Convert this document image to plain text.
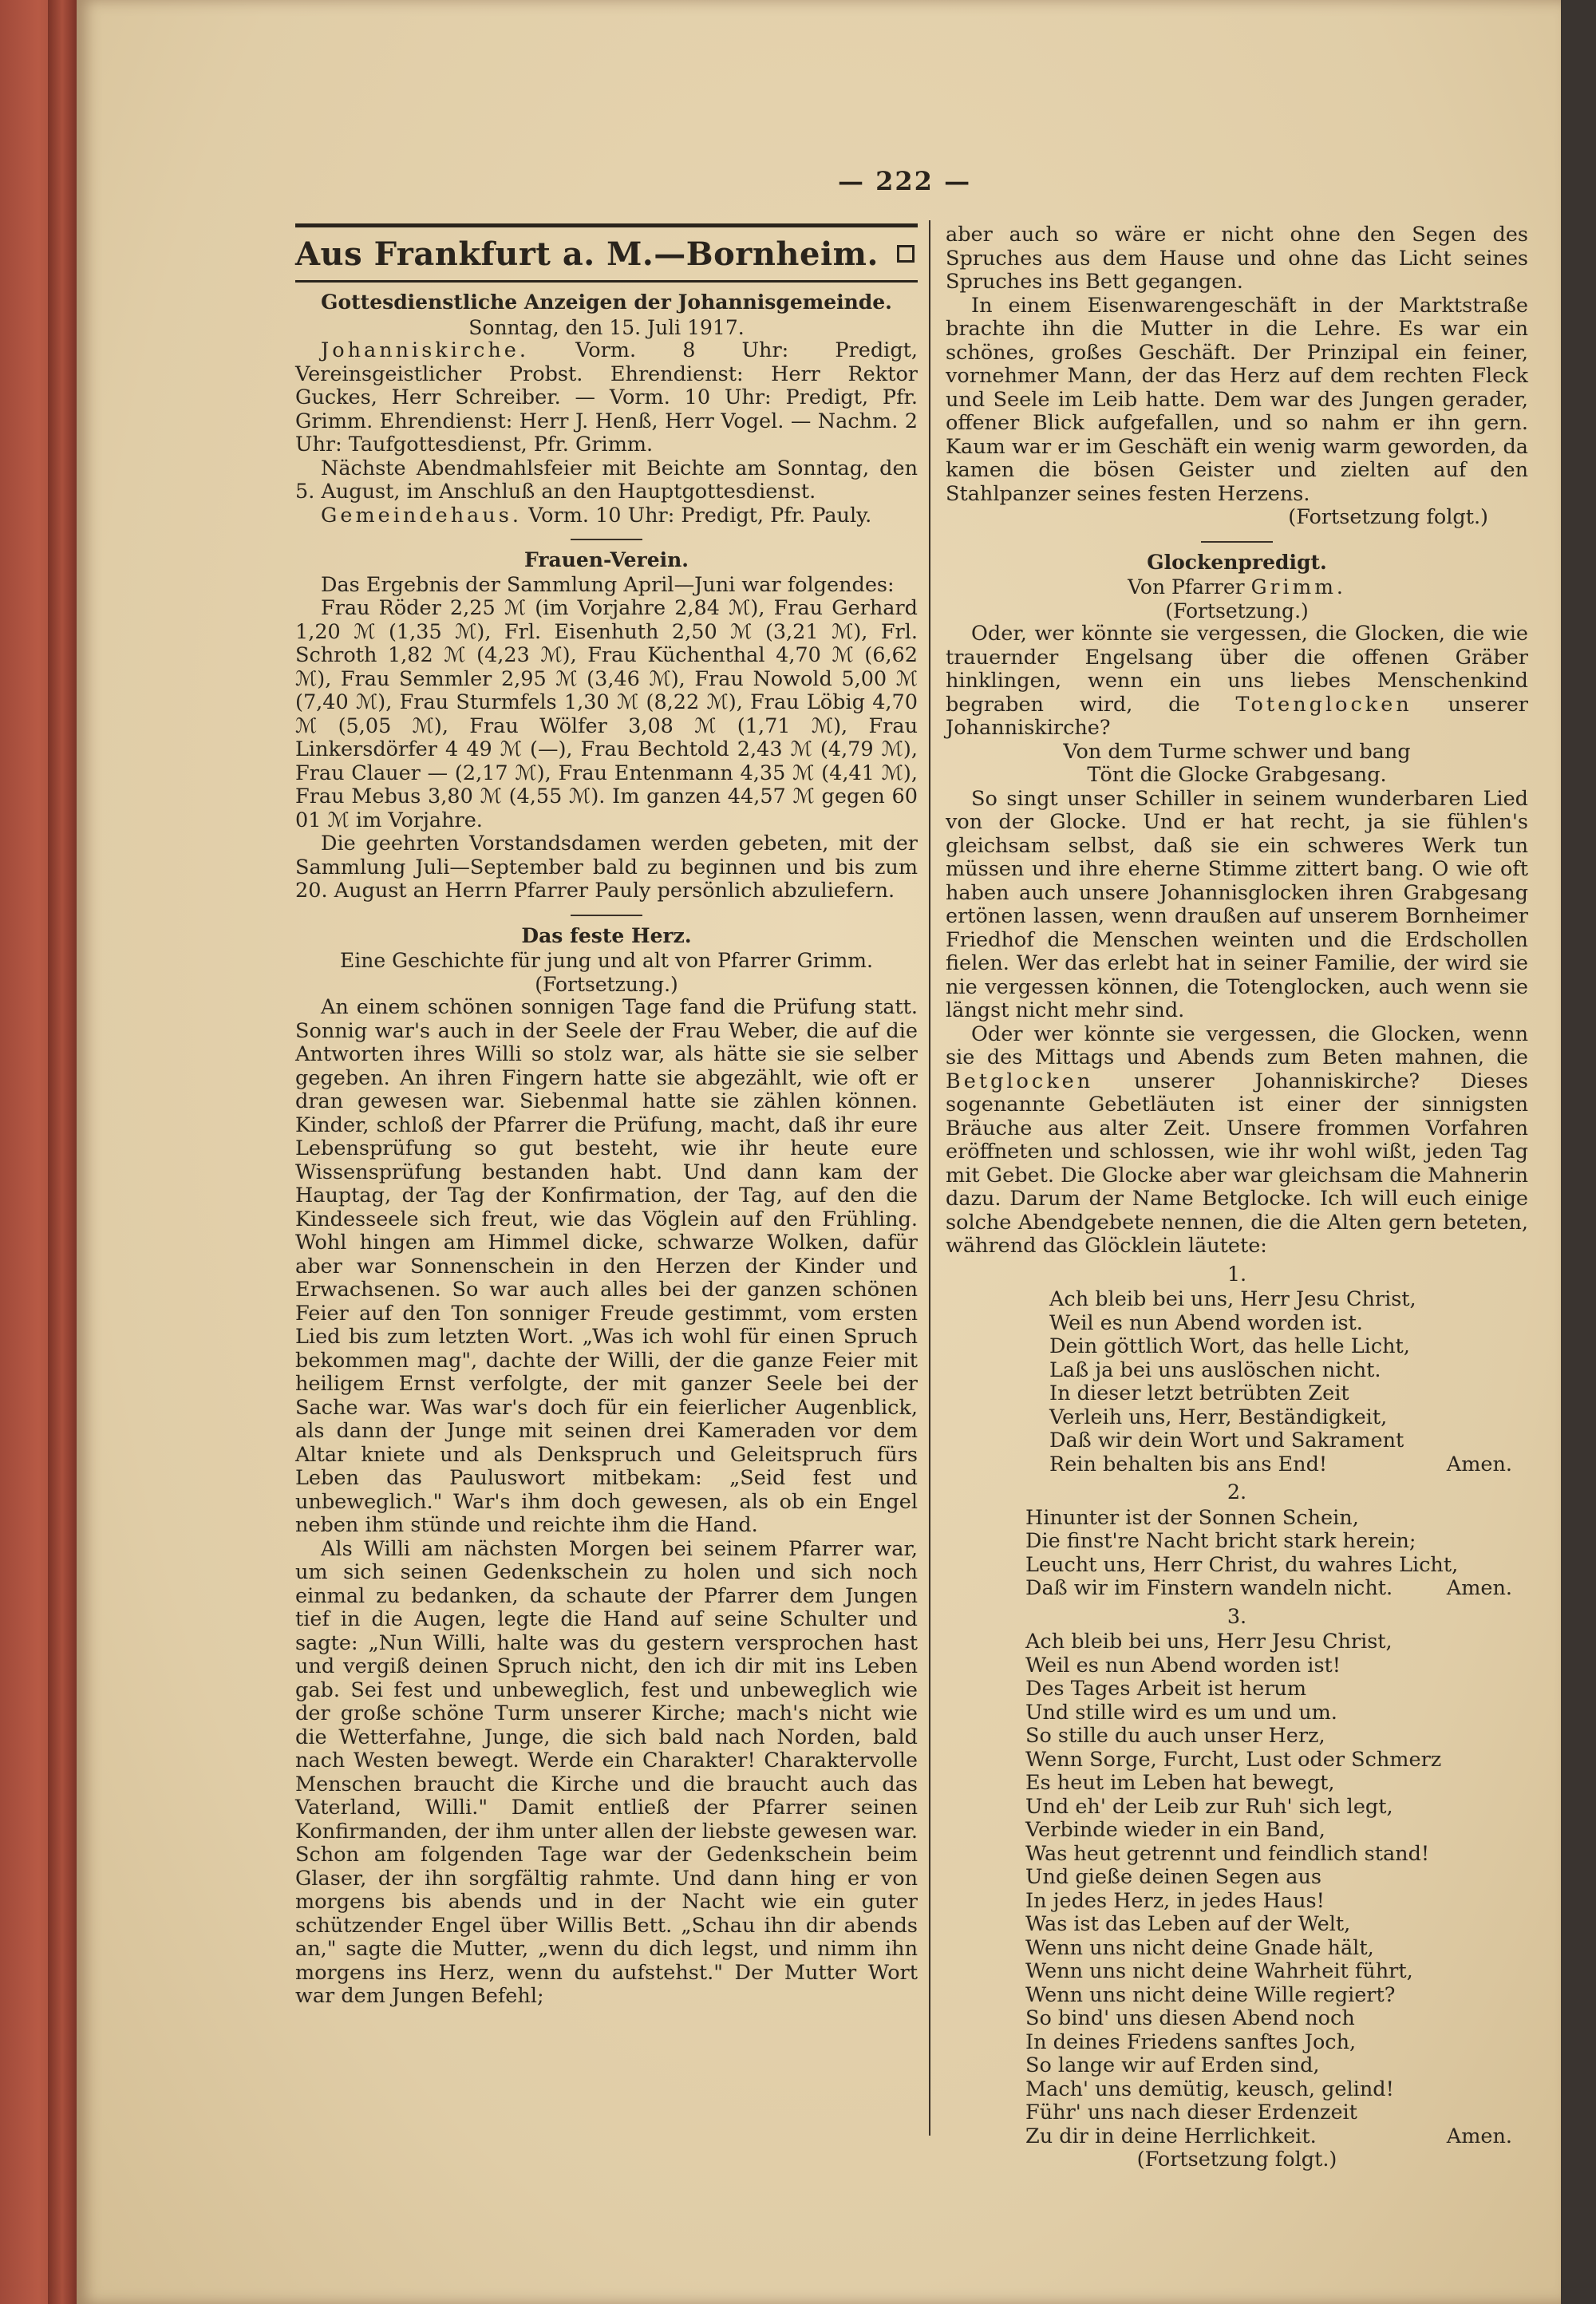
— 222 —
Aus Frankfurt a. M.—Bornheim.
Gottesdienstliche Anzeigen der Johannisgemeinde.
Sonntag, den 15. Juli 1917.

Johanniskirche. Vorm. 8 Uhr: Predigt, Vereinsgeistlicher Probst. Ehrendienst: Herr Rektor Guckes, Herr Schreiber. — Vorm. 10 Uhr: Predigt, Pfr. Grimm. Ehrendienst: Herr J. Henß, Herr Vogel. — Nachm. 2 Uhr: Taufgottesdienst, Pfr. Grimm.

Nächste Abendmahlsfeier mit Beichte am Sonntag, den 5. August, im Anschluß an den Hauptgottesdienst.

Gemeindehaus. Vorm. 10 Uhr: Predigt, Pfr. Pauly.

Frauen-Verein.

Das Ergebnis der Sammlung April—Juni war folgendes:

Frau Röder 2,25 ℳ (im Vorjahre 2,84 ℳ), Frau Gerhard 1,20 ℳ (1,35 ℳ), Frl. Eisenhuth 2,50 ℳ (3,21 ℳ), Frl. Schroth 1,82 ℳ (4,23 ℳ), Frau Küchenthal 4,70 ℳ (6,62 ℳ), Frau Semmler 2,95 ℳ (3,46 ℳ), Frau Nowold 5,00 ℳ (7,40 ℳ), Frau Sturmfels 1,30 ℳ (8,22 ℳ), Frau Löbig 4,70 ℳ (5,05 ℳ), Frau Wölfer 3,08 ℳ (1,71 ℳ), Frau Linkersdörfer 4 49 ℳ (—), Frau Bechtold 2,43 ℳ (4,79 ℳ), Frau Clauer — (2,17 ℳ), Frau Entenmann 4,35 ℳ (4,41 ℳ), Frau Mebus 3,80 ℳ (4,55 ℳ). Im ganzen 44,57 ℳ gegen 60 01 ℳ im Vorjahre.

Die geehrten Vorstandsdamen werden gebeten, mit der Sammlung Juli—September bald zu beginnen und bis zum 20. August an Herrn Pfarrer Pauly persönlich abzuliefern.

Das feste Herz.
Eine Geschichte für jung und alt von Pfarrer Grimm.
(Fortsetzung.)

An einem schönen sonnigen Tage fand die Prüfung statt. Sonnig war's auch in der Seele der Frau Weber, die auf die Antworten ihres Willi so stolz war, als hätte sie sie selber gegeben. An ihren Fingern hatte sie abgezählt, wie oft er dran gewesen war. Siebenmal hatte sie zählen können. Kinder, schloß der Pfarrer die Prüfung, macht, daß ihr eure Lebensprüfung so gut besteht, wie ihr heute eure Wissensprüfung bestanden habt. Und dann kam der Hauptag, der Tag der Konfirmation, der Tag, auf den die Kindesseele sich freut, wie das Vöglein auf den Frühling. Wohl hingen am Himmel dicke, schwarze Wolken, dafür aber war Sonnenschein in den Herzen der Kinder und Erwachsenen. So war auch alles bei der ganzen schönen Feier auf den Ton sonniger Freude gestimmt, vom ersten Lied bis zum letzten Wort. „Was ich wohl für einen Spruch bekommen mag", dachte der Willi, der die ganze Feier mit heiligem Ernst verfolgte, der mit ganzer Seele bei der Sache war. Was war's doch für ein feierlicher Augenblick, als dann der Junge mit seinen drei Kameraden vor dem Altar kniete und als Denkspruch und Geleitspruch fürs Leben das Pauluswort mitbekam: „Seid fest und unbeweglich." War's ihm doch gewesen, als ob ein Engel neben ihm stünde und reichte ihm die Hand.

Als Willi am nächsten Morgen bei seinem Pfarrer war, um sich seinen Gedenkschein zu holen und sich noch einmal zu bedanken, da schaute der Pfarrer dem Jungen tief in die Augen, legte die Hand auf seine Schulter und sagte: „Nun Willi, halte was du gestern versprochen hast und vergiß deinen Spruch nicht, den ich dir mit ins Leben gab. Sei fest und unbeweglich, fest und unbeweglich wie der große schöne Turm unserer Kirche; mach's nicht wie die Wetterfahne, Junge, die sich bald nach Norden, bald nach Westen bewegt. Werde ein Charakter! Charaktervolle Menschen braucht die Kirche und die braucht auch das Vaterland, Willi." Damit entließ der Pfarrer seinen Konfirmanden, der ihm unter allen der liebste gewesen war. Schon am folgenden Tage war der Gedenkschein beim Glaser, der ihn sorgfältig rahmte. Und dann hing er von morgens bis abends und in der Nacht wie ein guter schützender Engel über Willis Bett. „Schau ihn dir abends an," sagte die Mutter, „wenn du dich legst, und nimm ihn morgens ins Herz, wenn du aufstehst." Der Mutter Wort war dem Jungen Befehl;

aber auch so wäre er nicht ohne den Segen des Spruches aus dem Hause und ohne das Licht seines Spruches ins Bett gegangen.

In einem Eisenwarengeschäft in der Marktstraße brachte ihn die Mutter in die Lehre. Es war ein schönes, großes Geschäft. Der Prinzipal ein feiner, vornehmer Mann, der das Herz auf dem rechten Fleck und Seele im Leib hatte. Dem war des Jungen gerader, offener Blick aufgefallen, und so nahm er ihn gern. Kaum war er im Geschäft ein wenig warm geworden, da kamen die bösen Geister und zielten auf den Stahlpanzer seines festen Herzens.

(Fortsetzung folgt.)
Glockenpredigt.
Von Pfarrer Grimm.
(Fortsetzung.)

Oder, wer könnte sie vergessen, die Glocken, die wie trauernder Engelsang über die offenen Gräber hinklingen, wenn ein uns liebes Menschenkind begraben wird, die Totenglocken unserer Johanniskirche?

Von dem Turme schwer und bang
Tönt die Glocke Grabgesang.

So singt unser Schiller in seinem wunderbaren Lied von der Glocke. Und er hat recht, ja sie fühlen's gleichsam selbst, daß sie ein schweres Werk tun müssen und ihre eherne Stimme zittert bang. O wie oft haben auch unsere Johannisglocken ihren Grabgesang ertönen lassen, wenn draußen auf unserem Bornheimer Friedhof die Menschen weinten und die Erdschollen fielen. Wer das erlebt hat in seiner Familie, der wird sie nie vergessen können, die Totenglocken, auch wenn sie längst nicht mehr sind.

Oder wer könnte sie vergessen, die Glocken, wenn sie des Mittags und Abends zum Beten mahnen, die Betglocken unserer Johanniskirche? Dieses sogenannte Gebetläuten ist einer der sinnigsten Bräuche aus alter Zeit. Unsere frommen Vorfahren eröffneten und schlossen, wie ihr wohl wißt, jeden Tag mit Gebet. Die Glocke aber war gleichsam die Mahnerin dazu. Darum der Name Betglocke. Ich will euch einige solche Abendgebete nennen, die die Alten gern beteten, während das Glöcklein läutete:

1.
Ach bleib bei uns, Herr Jesu Christ,
Weil es nun Abend worden ist.
Dein göttlich Wort, das helle Licht,
Laß ja bei uns auslöschen nicht.
In dieser letzt betrübten Zeit
Verleih uns, Herr, Beständigkeit,
Daß wir dein Wort und Sakrament
Rein behalten bis ans End!	Amen.
2.
Hinunter ist der Sonnen Schein,
Die finst're Nacht bricht stark herein;
Leucht uns, Herr Christ, du wahres Licht,
Daß wir im Finstern wandeln nicht.	Amen.
3.
Ach bleib bei uns, Herr Jesu Christ,
Weil es nun Abend worden ist!
Des Tages Arbeit ist herum
Und stille wird es um und um.
So stille du auch unser Herz,
Wenn Sorge, Furcht, Lust oder Schmerz
Es heut im Leben hat bewegt,
Und eh' der Leib zur Ruh' sich legt,
Verbinde wieder in ein Band,
Was heut getrennt und feindlich stand!
Und gieße deinen Segen aus
In jedes Herz, in jedes Haus!
Was ist das Leben auf der Welt,
Wenn uns nicht deine Gnade hält,
Wenn uns nicht deine Wahrheit führt,
Wenn uns nicht deine Wille regiert?
So bind' uns diesen Abend noch
In deines Friedens sanftes Joch,
So lange wir auf Erden sind,
Mach' uns demütig, keusch, gelind!
Führ' uns nach dieser Erdenzeit
Zu dir in deine Herrlichkeit.	Amen.
(Fortsetzung folgt.)
